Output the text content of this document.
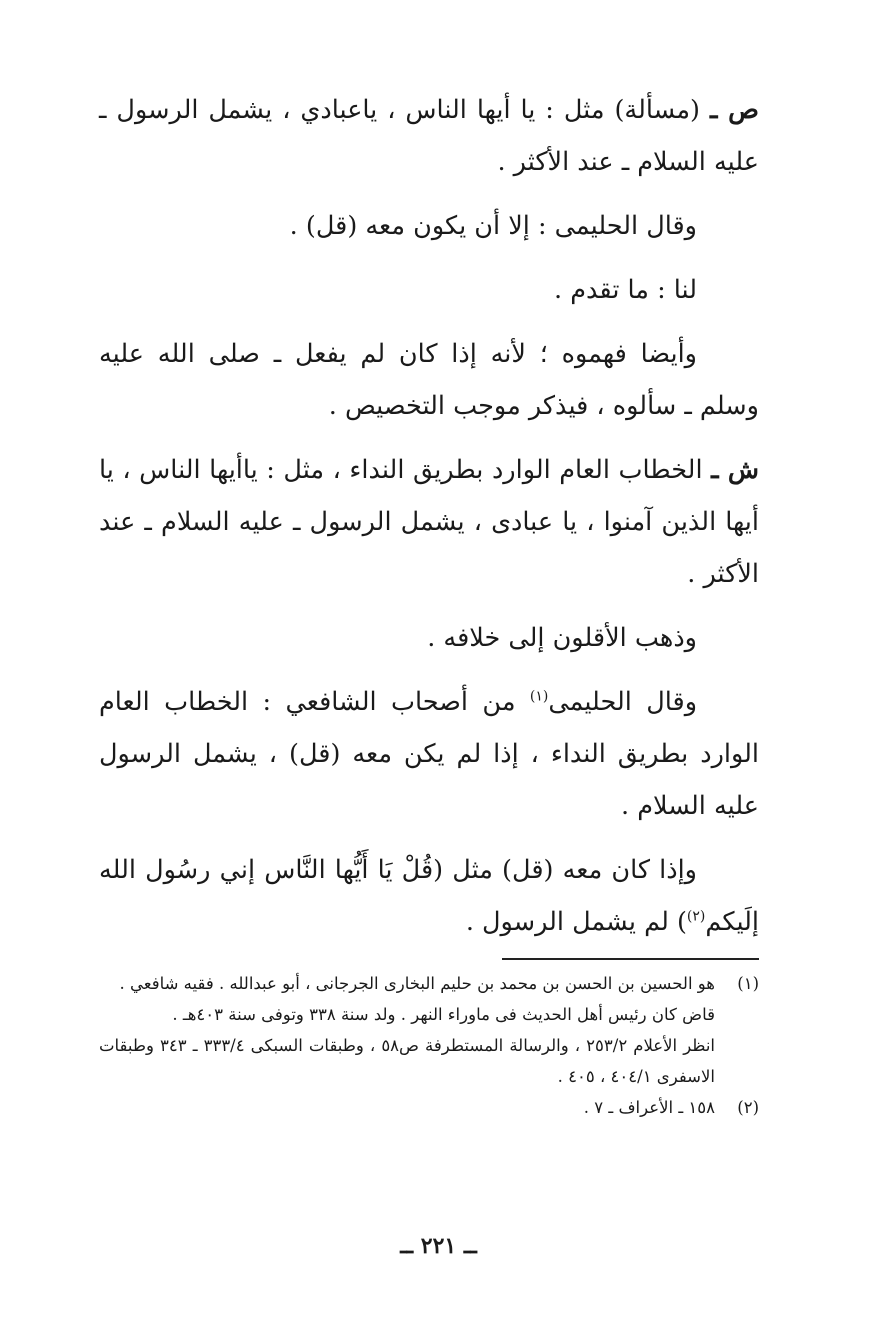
ص ـ (مسألة) مثل : يا أيها الناس ، ياعبادي ، يشمل الرسول ـ عليه السلام ـ عند الأكثر .

وقال الحليمى : إلا أن يكون معه (قل) .

لنا : ما تقدم .

وأيضا فهموه ؛ لأنه إذا كان لم يفعل ـ صلى الله عليه وسلم ـ سألوه ، فيذكر موجب التخصيص .

ش ـ الخطاب العام الوارد بطريق النداء ، مثل : ياأيها الناس ، يا أيها الذين آمنوا ، يا عبادى ، يشمل الرسول ـ عليه السلام ـ عند الأكثر .

وذهب الأقلون إلى خلافه .

وقال الحليمى$^{(١)}$ من أصحاب الشافعي : الخطاب العام الوارد بطريق النداء ، إذا لم يكن معه (قل) ، يشمل الرسول عليه السلام .

وإذا كان معه (قل) مثل (قُلْ يَا أَيُّها النَّاس إني رسُول الله إلَيكم$^{(٢)}$) لم يشمل الرسول .

(١)
هو الحسين بن الحسن بن محمد بن حليم البخارى الجرجانى ، أبو عبدالله . فقيه شافعي .
قاض كان رئيس أهل الحديث فى ماوراء النهر . ولد سنة ٣٣٨ وتوفى سنة ٤٠٣هـ .
انظر الأعلام ٢٥٣/٢ ، والرسالة المستطرفة ص٥٨ ، وطبقات السبكى ٣٣٣/٤ ـ ٣٤٣ وطبقات الاسفرى ٤٠٤/١ ، ٤٠٥ .
(٢)
١٥٨ ـ الأعراف ـ ٧ .
ــ ٢٢١ ــ
